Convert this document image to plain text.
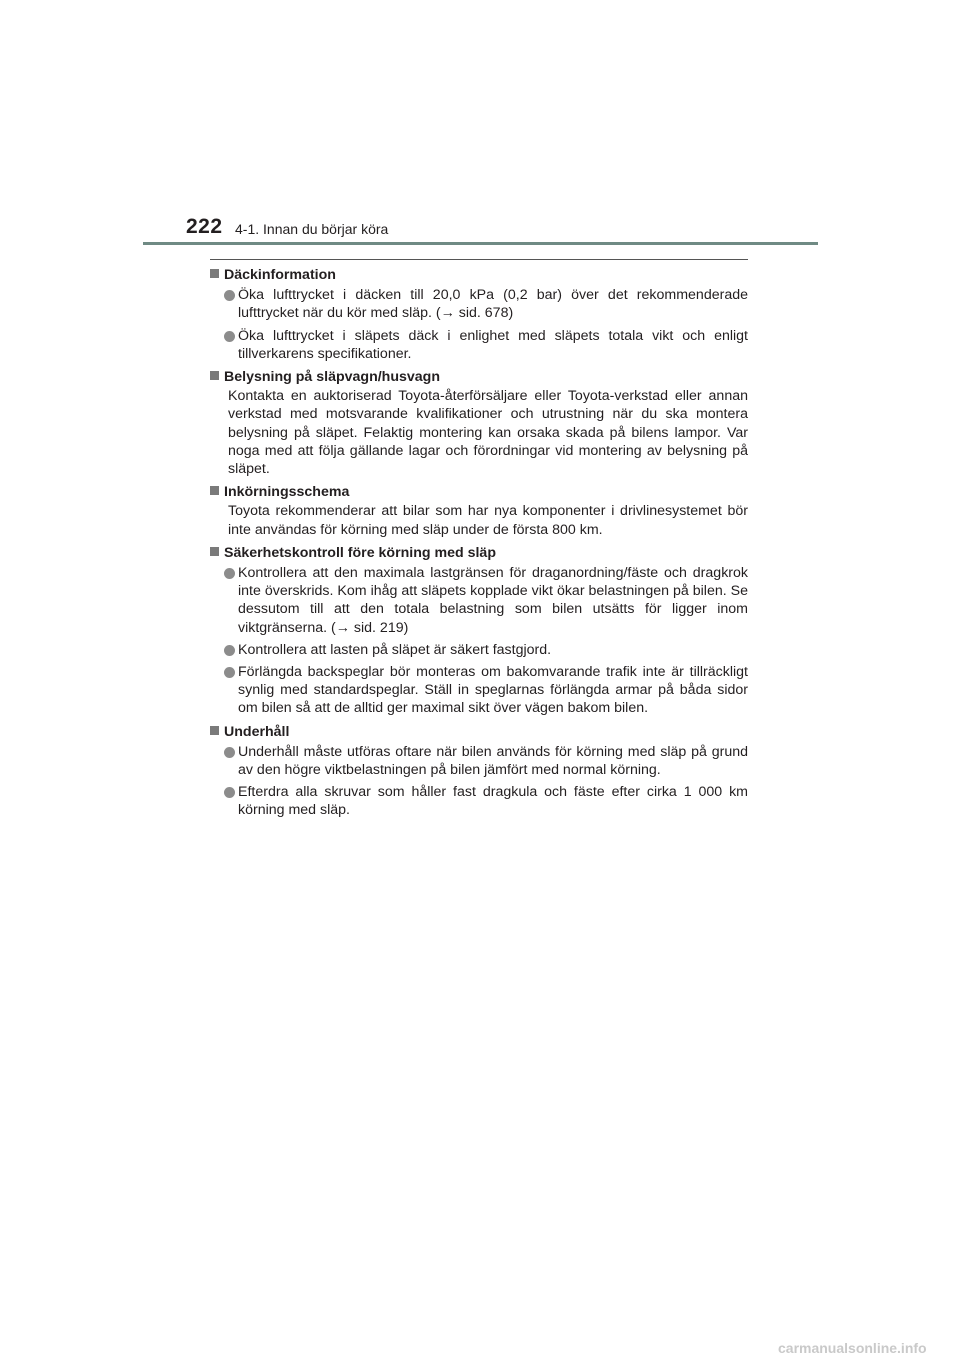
222 4-1. Innan du börjar köra
Däckinformation
Öka lufttrycket i däcken till 20,0 kPa (0,2 bar) över det rekommenderade lufttrycket när du kör med släp. (→ sid. 678)
Öka lufttrycket i släpets däck i enlighet med släpets totala vikt och enligt tillverkarens specifikationer.
Belysning på släpvagn/husvagn
Kontakta en auktoriserad Toyota-återförsäljare eller Toyota-verkstad eller annan verkstad med motsvarande kvalifikationer och utrustning när du ska montera belysning på släpet. Felaktig montering kan orsaka skada på bilens lampor. Var noga med att följa gällande lagar och förordningar vid montering av belysning på släpet.
Inkörningsschema
Toyota rekommenderar att bilar som har nya komponenter i drivlinesystemet bör inte användas för körning med släp under de första 800 km.
Säkerhetskontroll före körning med släp
Kontrollera att den maximala lastgränsen för draganordning/fäste och dragkrok inte överskrids. Kom ihåg att släpets kopplade vikt ökar belastningen på bilen. Se dessutom till att den totala belastning som bilen utsätts för ligger inom viktgränserna. (→ sid. 219)
Kontrollera att lasten på släpet är säkert fastgjord.
Förlängda backspeglar bör monteras om bakomvarande trafik inte är tillräckligt synlig med standardspeglar. Ställ in speglarnas förlängda armar på båda sidor om bilen så att de alltid ger maximal sikt över vägen bakom bilen.
Underhåll
Underhåll måste utföras oftare när bilen används för körning med släp på grund av den högre viktbelastningen på bilen jämfört med normal körning.
Efterdra alla skruvar som håller fast dragkula och fäste efter cirka 1 000 km körning med släp.
carmanualsonline.info
